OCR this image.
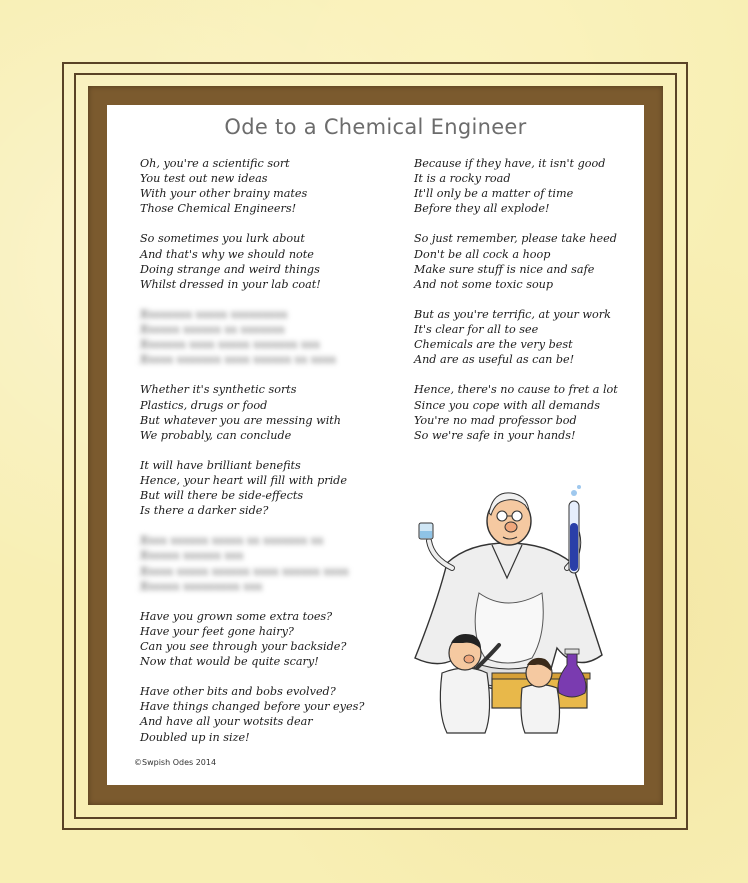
Ode to a Chemical Engineer
Oh, you're a scientific sort
You test out new ideas
With your other brainy mates
Those Chemical Engineers!
So sometimes you lurk about
And that's why we should note
Doing strange and weird things
Whilst dressed in your lab coat!
Xxxxxxxx xxxxx xxxxxxxxx
Xxxxxx xxxxxx xx xxxxxxx
Xxxxxxx xxxx xxxxx xxxxxxx xxx
Xxxxx xxxxxxx xxxx xxxxxx xx xxxx
Whether it's synthetic sorts
Plastics, drugs or food
But whatever you are messing with
We probably, can conclude
It will have brilliant benefits
Hence, your heart will fill with pride
But will there be side-effects
Is there a darker side?
Xxxx xxxxxx xxxxx xx xxxxxxx xx
Xxxxxx xxxxxx xxx
Xxxxx xxxxx xxxxxx xxxx xxxxxx xxxx
Xxxxxx xxxxxxxxx xxx
Have you grown some extra toes?
Have your feet gone hairy?
Can you see through your backside?
Now that would be quite scary!
Have other bits and bobs evolved?
Have things changed before your eyes?
And have all your wotsits dear
Doubled up in size!
Because if they have, it isn't good
It is a rocky road
It'll only be a matter of time
Before they all explode!
So just remember, please take heed
Don't be all cock a hoop
Make sure stuff is nice and safe
And not some toxic soup
But as you're terrific, at your work
It's clear for all to see
Chemicals are the very best
And are as useful as can be!
Hence, there's no cause to fret a lot
Since you cope with all demands
You're no mad professor bod
So we're safe in your hands!
©Swpish Odes 2014
